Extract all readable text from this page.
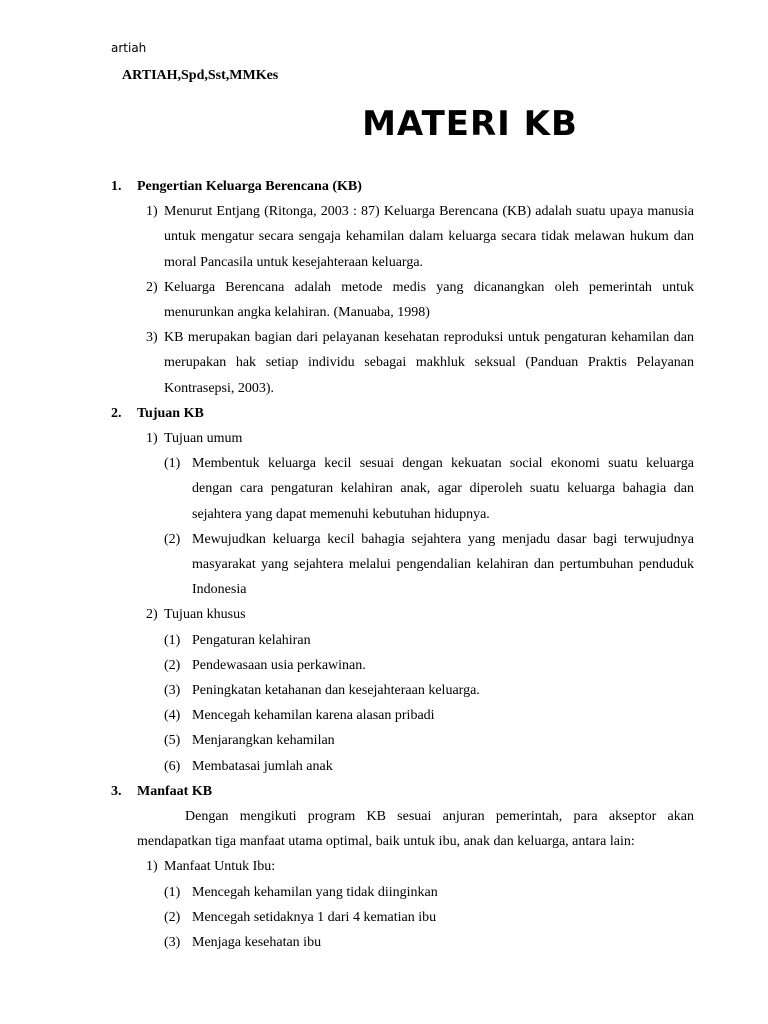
artiah
ARTIAH,Spd,Sst,MMKes
MATERI KB
1. Pengertian Keluarga Berencana (KB)
1) Menurut Entjang (Ritonga, 2003 : 87) Keluarga Berencana (KB) adalah suatu upaya manusia untuk mengatur secara sengaja kehamilan dalam keluarga secara tidak melawan hukum dan moral Pancasila untuk kesejahteraan keluarga.
2) Keluarga Berencana adalah metode medis yang dicanangkan oleh pemerintah untuk menurunkan angka kelahiran. (Manuaba, 1998)
3) KB merupakan bagian dari pelayanan kesehatan reproduksi untuk pengaturan kehamilan dan merupakan hak setiap individu sebagai makhluk seksual (Panduan Praktis Pelayanan Kontrasepsi, 2003).
2. Tujuan KB
1) Tujuan umum
(1) Membentuk keluarga kecil sesuai dengan kekuatan social ekonomi suatu keluarga dengan cara pengaturan kelahiran anak, agar diperoleh suatu keluarga bahagia dan sejahtera yang dapat memenuhi kebutuhan hidupnya.
(2) Mewujudkan keluarga kecil bahagia sejahtera yang menjadu dasar bagi terwujudnya masyarakat yang sejahtera melalui pengendalian kelahiran dan pertumbuhan penduduk Indonesia
2) Tujuan khusus
(1) Pengaturan kelahiran
(2) Pendewasaan usia perkawinan.
(3) Peningkatan ketahanan dan kesejahteraan keluarga.
(4) Mencegah kehamilan karena alasan pribadi
(5) Menjarangkan kehamilan
(6) Membatasai jumlah anak
3. Manfaat KB
Dengan mengikuti program KB sesuai anjuran pemerintah, para akseptor akan mendapatkan tiga manfaat utama optimal, baik untuk ibu, anak dan keluarga, antara lain:
1) Manfaat Untuk Ibu:
(1) Mencegah kehamilan yang tidak diinginkan
(2) Mencegah setidaknya 1 dari 4 kematian ibu
(3) Menjaga kesehatan ibu
